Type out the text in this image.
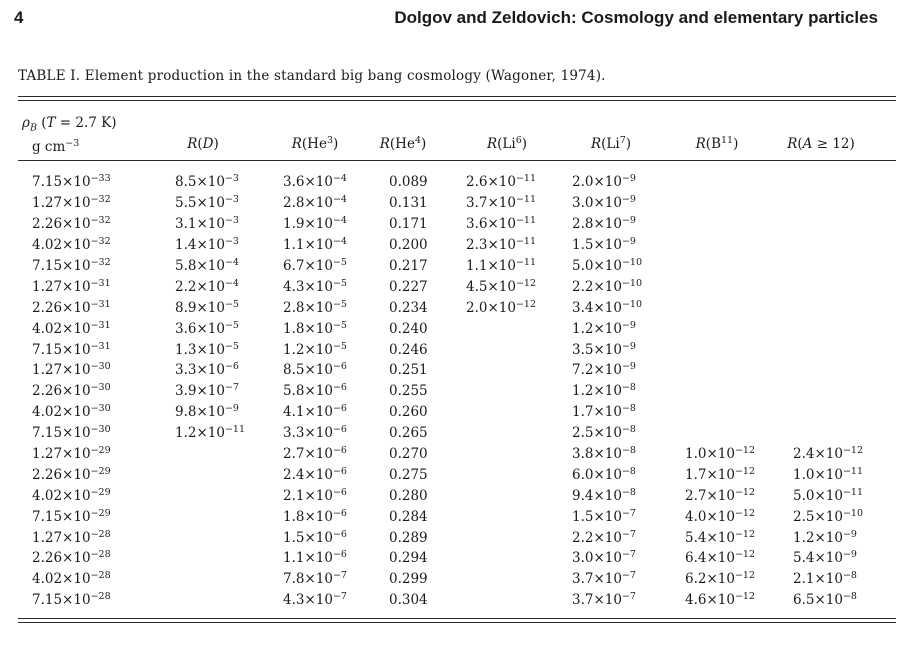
4	Dolgov and Zeldovich: Cosmology and elementary particles
TABLE I. Element production in the standard big bang cosmology (Wagoner, 1974).
$\rho_B$ (T = 2.7 K)
g $cm^{-3}$	R(D)	R(He$^3$)	R(He$^4$)	R(Li$^6$)	R(Li$^7$)	$R(B^{11})$	R(A ≥ 12)
$7.15\times 10^{-33}$	$8.5\times 10^{-3}$	$3.6\times 10^{-4}$	0.089	$2.6\times 10^{-11}$	$2.0\times 10^{-9}$		
$1.27\times 10^{-32}$	$5.5\times 10^{-3}$	$2.8\times 10^{-4}$	0.131	$3.7\times 10^{-11}$	$3.0\times 10^{-9}$		
$2.26\times 10^{-32}$	$3.1\times 10^{-3}$	$1.9\times 10^{-4}$	0.171	$3.6\times 10^{-11}$	$2.8\times 10^{-9}$		
$4.02\times 10^{-32}$	$1.4\times 10^{-3}$	$1.1\times 10^{-4}$	0.200	$2.3\times 10^{-11}$	$1.5\times 10^{-9}$		
$7.15\times 10^{-32}$	$5.8\times 10^{-4}$	$6.7\times 10^{-5}$	0.217	$1.1\times 10^{-11}$	$5.0\times 10^{-10}$		
$1.27\times 10^{-31}$	$2.2\times 10^{-4}$	$4.3\times 10^{-5}$	0.227	$4.5\times 10^{-12}$	$2.2\times 10^{-10}$		
$2.26\times 10^{-31}$	$8.9\times 10^{-5}$	$2.8\times 10^{-5}$	0.234	$2.0\times 10^{-12}$	$3.4\times 10^{-10}$		
$4.02\times 10^{-31}$	$3.6\times 10^{-5}$	$1.8\times 10^{-5}$	0.240		$1.2\times 10^{-9}$		
$7.15\times 10^{-31}$	$1.3\times 10^{-5}$	$1.2\times 10^{-5}$	0.246		$3.5\times 10^{-9}$		
$1.27\times 10^{-30}$	$3.3\times 10^{-6}$	$8.5\times 10^{-6}$	0.251		$7.2\times 10^{-9}$		
$2.26\times 10^{-30}$	$3.9\times 10^{-7}$	$5.8\times 10^{-6}$	0.255		$1.2\times 10^{-8}$		
$4.02\times 10^{-30}$	$9.8\times 10^{-9}$	$4.1\times 10^{-6}$	0.260		$1.7\times 10^{-8}$		
$7.15\times 10^{-30}$	$1.2\times 10^{-11}$	$3.3\times 10^{-6}$	0.265		$2.5\times 10^{-8}$		
$1.27\times 10^{-29}$		$2.7\times 10^{-6}$	0.270		$3.8\times 10^{-8}$	$1.0\times 10^{-12}$	$2.4\times 10^{-12}$
$2.26\times 10^{-29}$		$2.4\times 10^{-6}$	0.275		$6.0\times 10^{-8}$	$1.7\times 10^{-12}$	$1.0\times 10^{-11}$
$4.02\times 10^{-29}$		$2.1\times 10^{-6}$	0.280		$9.4\times 10^{-8}$	$2.7\times 10^{-12}$	$5.0\times 10^{-11}$
$7.15\times 10^{-29}$		$1.8\times 10^{-6}$	0.284		$1.5\times 10^{-7}$	$4.0\times 10^{-12}$	$2.5\times 10^{-10}$
$1.27\times 10^{-28}$		$1.5\times 10^{-6}$	0.289		$2.2\times 10^{-7}$	$5.4\times 10^{-12}$	$1.2\times 10^{-9}$
$2.26\times 10^{-28}$		$1.1\times 10^{-6}$	0.294		$3.0\times 10^{-7}$	$6.4\times 10^{-12}$	$5.4\times 10^{-9}$
$4.02\times 10^{-28}$		$7.8\times 10^{-7}$	0.299		$3.7\times 10^{-7}$	$6.2\times 10^{-12}$	$2.1\times 10^{-8}$
$7.15\times 10^{-28}$		$4.3\times 10^{-7}$	0.304		$3.7\times 10^{-7}$	$4.6\times 10^{-12}$	$6.5\times 10^{-8}$
